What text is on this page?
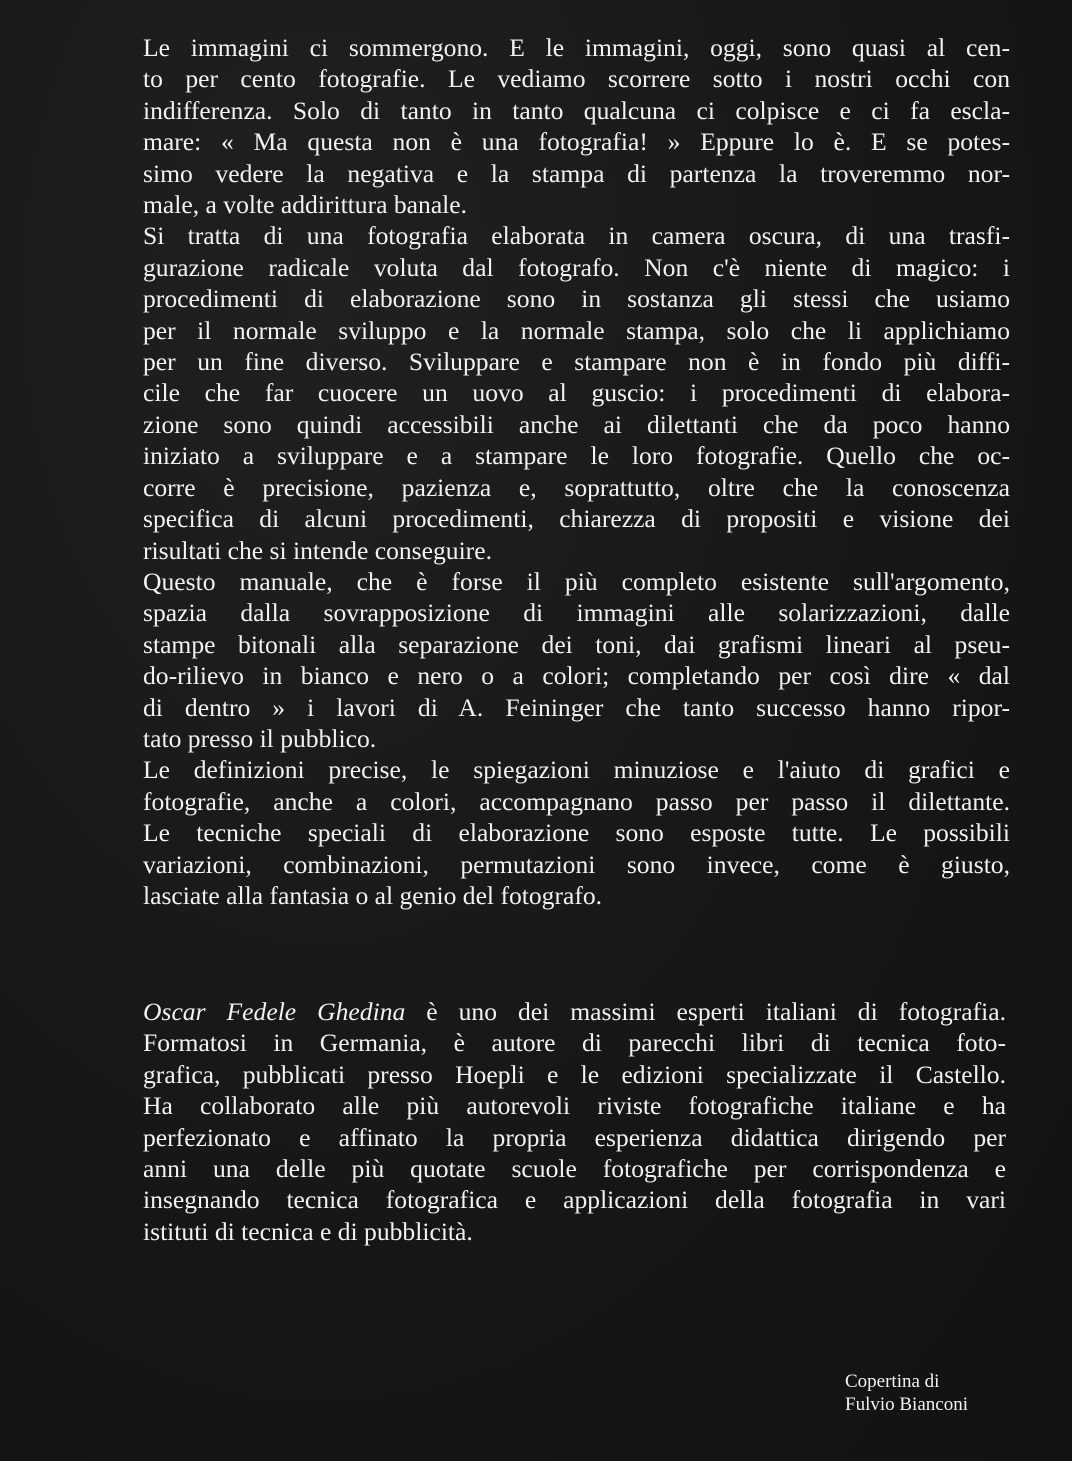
Le immagini ci sommergono. E le immagini, oggi, sono quasi al cen-
to per cento fotografie. Le vediamo scorrere sotto i nostri occhi con
indifferenza. Solo di tanto in tanto qualcuna ci colpisce e ci fa escla-
mare: « Ma questa non è una fotografia! » Eppure lo è. E se potes-
simo vedere la negativa e la stampa di partenza la troveremmo nor-
male, a volte addirittura banale.

Si tratta di una fotografia elaborata in camera oscura, di una trasfi-
gurazione radicale voluta dal fotografo. Non c'è niente di magico: i
procedimenti di elaborazione sono in sostanza gli stessi che usiamo
per il normale sviluppo e la normale stampa, solo che li applichiamo
per un fine diverso. Sviluppare e stampare non è in fondo più diffi-
cile che far cuocere un uovo al guscio: i procedimenti di elabora-
zione sono quindi accessibili anche ai dilettanti che da poco hanno
iniziato a sviluppare e a stampare le loro fotografie. Quello che oc-
corre è precisione, pazienza e, soprattutto, oltre che la conoscenza
specifica di alcuni procedimenti, chiarezza di propositi e visione dei
risultati che si intende conseguire.

Questo manuale, che è forse il più completo esistente sull'argomento,
spazia dalla sovrapposizione di immagini alle solarizzazioni, dalle
stampe bitonali alla separazione dei toni, dai grafismi lineari al pseu-
do-rilievo in bianco e nero o a colori; completando per così dire « dal
di dentro » i lavori di A. Feininger che tanto successo hanno ripor-
tato presso il pubblico.

Le definizioni precise, le spiegazioni minuziose e l'aiuto di grafici e
fotografie, anche a colori, accompagnano passo per passo il dilettante.
Le tecniche speciali di elaborazione sono esposte tutte. Le possibili
variazioni, combinazioni, permutazioni sono invece, come è giusto,
lasciate alla fantasia o al genio del fotografo.

Oscar Fedele Ghedina è uno dei massimi esperti italiani di fotografia.
Formatosi in Germania, è autore di parecchi libri di tecnica foto-
grafica, pubblicati presso Hoepli e le edizioni specializzate il Castello.
Ha collaborato alle più autorevoli riviste fotografiche italiane e ha
perfezionato e affinato la propria esperienza didattica dirigendo per
anni una delle più quotate scuole fotografiche per corrispondenza e
insegnando tecnica fotografica e applicazioni della fotografia in vari
istituti di tecnica e di pubblicità.

Copertina di
Fulvio Bianconi
